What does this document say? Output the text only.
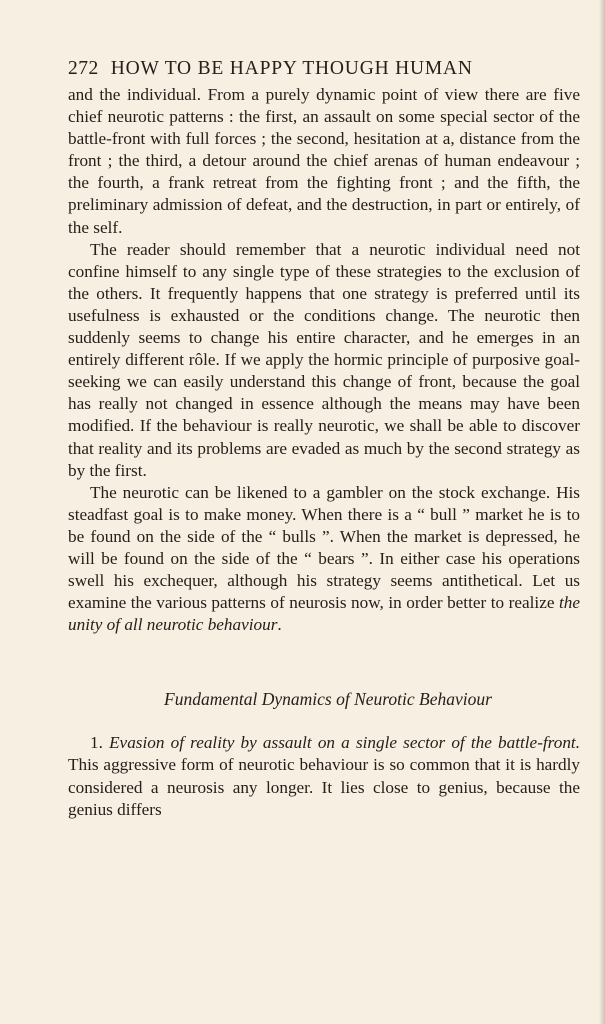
272 HOW TO BE HAPPY THOUGH HUMAN

and the individual. From a purely dynamic point of view there are five chief neurotic patterns : the first, an assault on some special sector of the battle-front with full forces ; the second, hesitation at a, distance from the front ; the third, a detour around the chief arenas of human endeavour ; the fourth, a frank retreat from the fighting front ; and the fifth, the preliminary admission of defeat, and the destruction, in part or entirely, of the self.

The reader should remember that a neurotic individual need not confine himself to any single type of these strategies to the exclusion of the others. It frequently happens that one strategy is preferred until its usefulness is exhausted or the conditions change. The neurotic then suddenly seems to change his entire character, and he emerges in an entirely different rôle. If we apply the hormic principle of purposive goal-seeking we can easily understand this change of front, because the goal has really not changed in essence although the means may have been modified. If the behaviour is really neurotic, we shall be able to discover that reality and its problems are evaded as much by the second strategy as by the first.

The neurotic can be likened to a gambler on the stock exchange. His steadfast goal is to make money. When there is a “ bull ” market he is to be found on the side of the “ bulls ”. When the market is depressed, he will be found on the side of the “ bears ”. In either case his operations swell his exchequer, although his strategy seems antithetical. Let us examine the various patterns of neurosis now, in order better to realize the unity of all neurotic behaviour.

Fundamental Dynamics of Neurotic Behaviour

1. Evasion of reality by assault on a single sector of the battle-front. This aggressive form of neurotic behaviour is so common that it is hardly considered a neurosis any longer. It lies close to genius, because the genius differs
